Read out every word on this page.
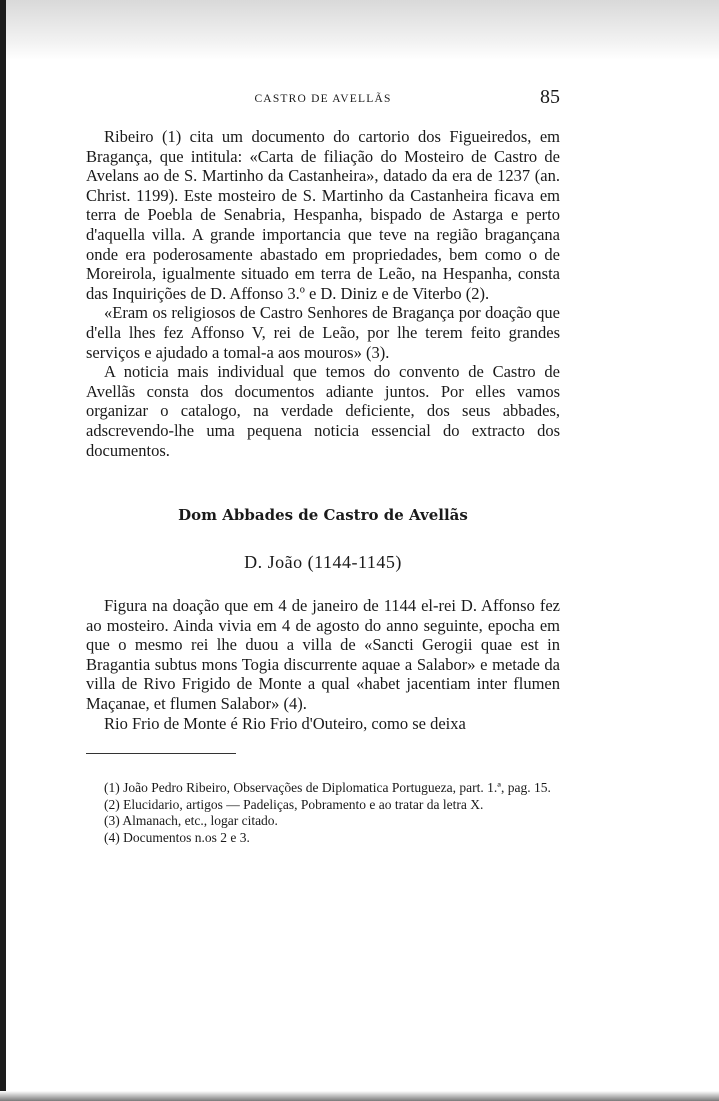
CASTRO DE AVELLÃS	85

Ribeiro (1) cita um documento do cartorio dos Figueiredos, em Bragança, que intitula: «Carta de filiação do Mosteiro de Castro de Avelans ao de S. Martinho da Castanheira», datado da era de 1237 (an. Christ. 1199). Este mosteiro de S. Martinho da Castanheira ficava em terra de Poebla de Senabria, Hespanha, bispado de Astarga e perto d'aquella villa. A grande importancia que teve na região bragançana onde era poderosamente abastado em propriedades, bem como o de Moreirola, igualmente situado em terra de Leão, na Hespanha, consta das Inquirições de D. Affonso 3.º e D. Diniz e de Viterbo (2).

«Eram os religiosos de Castro Senhores de Bragança por doação que d'ella lhes fez Affonso V, rei de Leão, por lhe terem feito grandes serviços e ajudado a tomal-a aos mouros» (3).

A noticia mais individual que temos do convento de Castro de Avellãs consta dos documentos adiante juntos. Por elles vamos organizar o catalogo, na verdade deficiente, dos seus abbades, adscrevendo-lhe uma pequena noticia essencial do extracto dos documentos.

Dom Abbades de Castro de Avellãs
D. João (1144-1145)

Figura na doação que em 4 de janeiro de 1144 el-rei D. Affonso fez ao mosteiro. Ainda vivia em 4 de agosto do anno seguinte, epocha em que o mesmo rei lhe duou a villa de «Sancti Gerogii quae est in Bragantia subtus mons Togia discurrente aquae a Salabor» e metade da villa de Rivo Frigido de Monte a qual «habet jacentiam inter flumen Maçanae, et flumen Salabor» (4).

Rio Frio de Monte é Rio Frio d'Outeiro, como se deixa

(1) João Pedro Ribeiro, Observações de Diplomatica Portugueza, part. 1.ª, pag. 15.

(2) Elucidario, artigos — Padeliças, Pobramento e ao tratar da letra X.

(3) Almanach, etc., logar citado.

(4) Documentos n.os 2 e 3.
